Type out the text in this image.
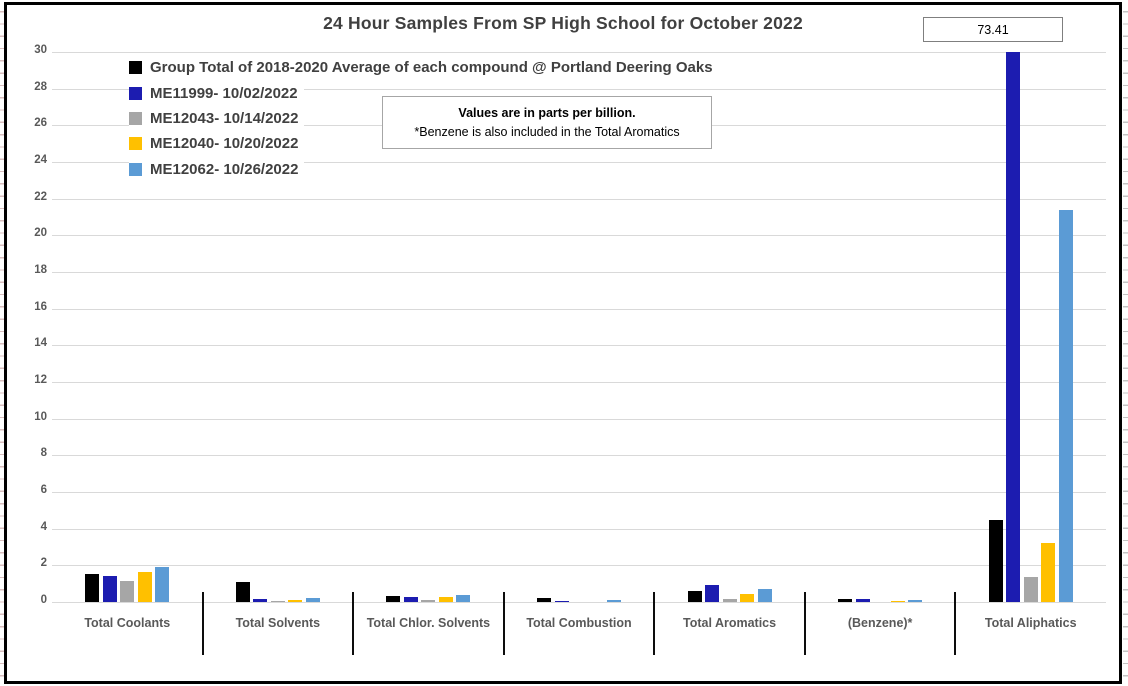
24 Hour Samples From SP High School for October 2022	73.41
Values are in parts per billion.
*Benzene is also included in the Total Aromatics
Group Total of 2018-2020 Average of each compound @ Portland Deering Oaks
ME11999- 10/02/2022
ME12043- 10/14/2022
ME12040- 10/20/2022
ME12062- 10/26/2022
0
2
4
6
8
10
12
14
16
18
20
22
24
26
28
30
Total Coolants	Total Solvents	Total Chlor. Solvents	Total Combustion	Total Aromatics	(Benzene)*	Total Aliphatics
